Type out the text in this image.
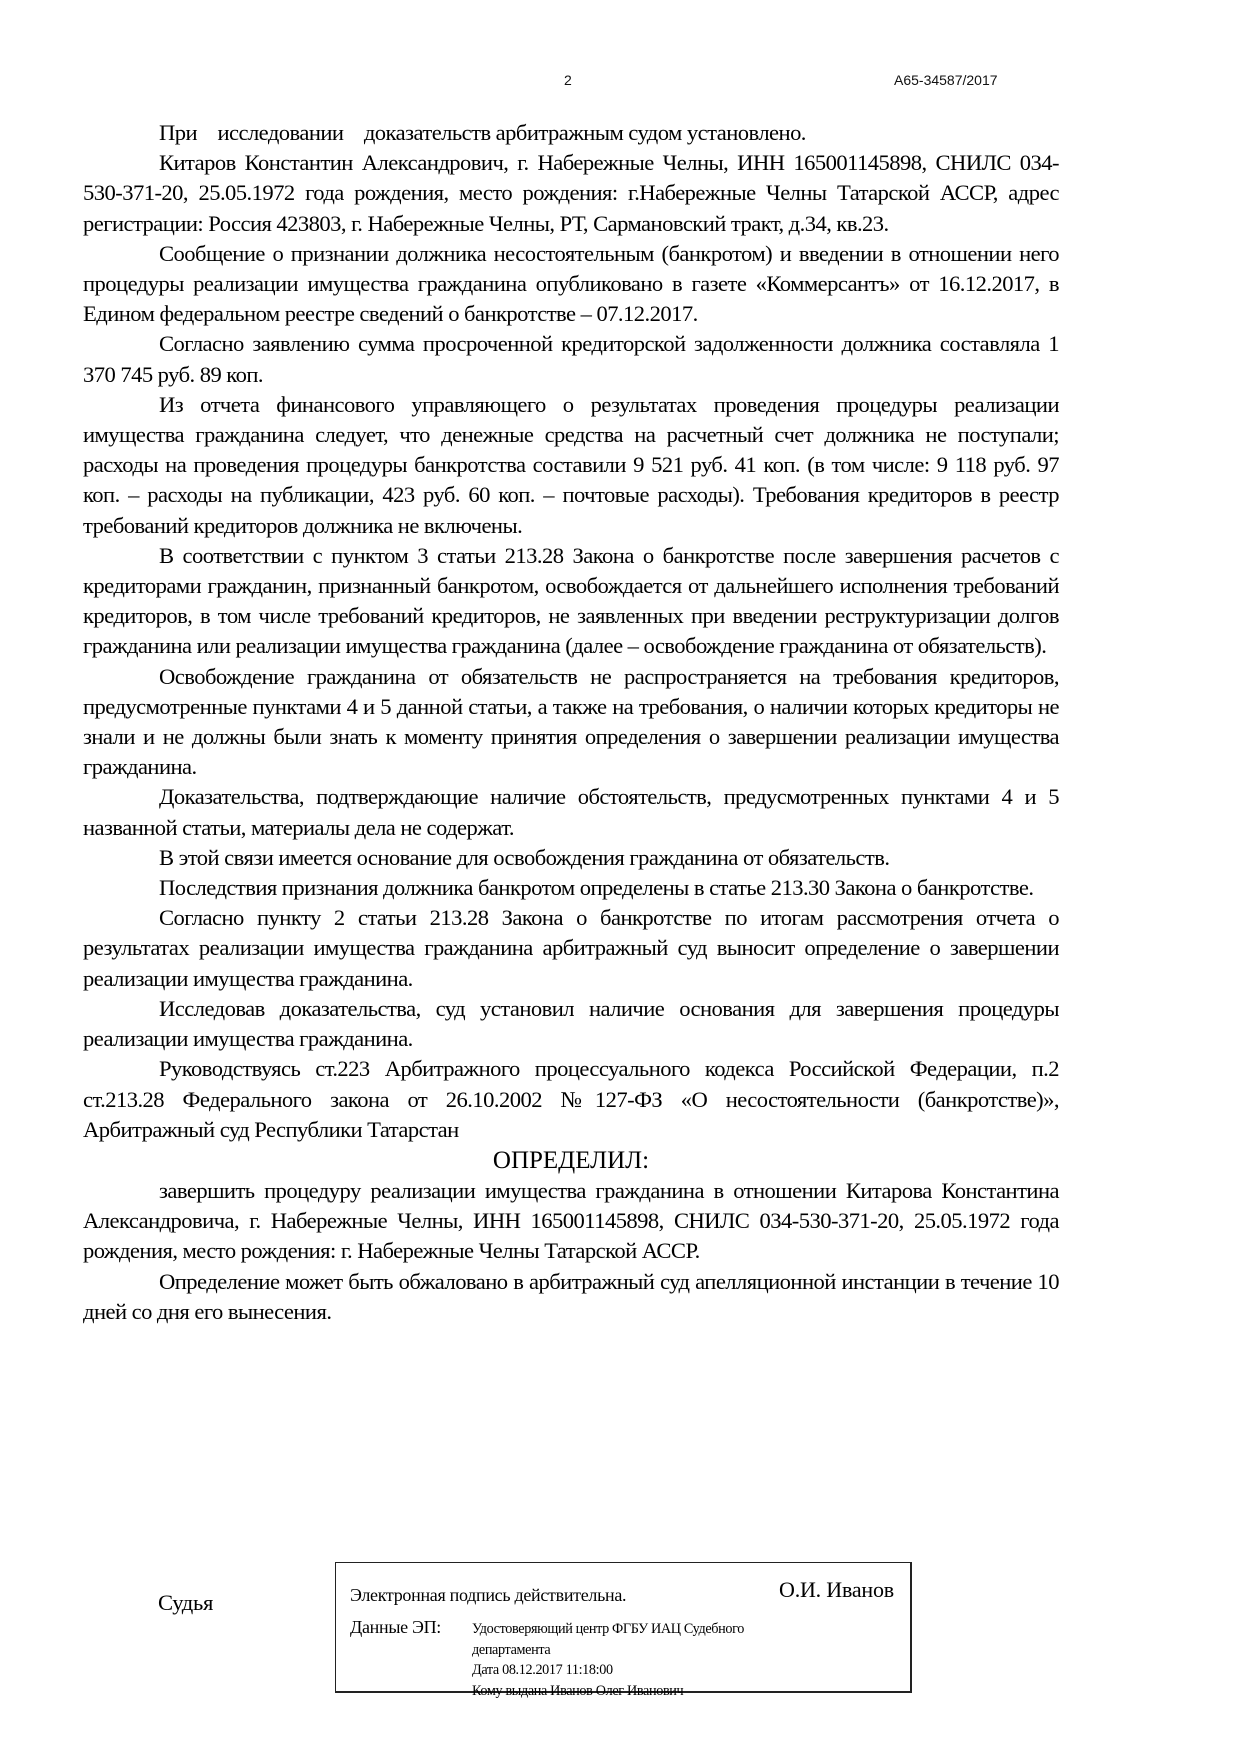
2	А65-34587/2017

При    исследовании    доказательств арбитражным судом установлено.

Китаров Константин Александрович, г. Набережные Челны, ИНН 165001145898, СНИЛС 034-530-371-20, 25.05.1972 года рождения, место рождения: г.Набережные Челны Татарской АССР, адрес регистрации: Россия 423803, г. Набережные Челны, РТ, Сармановский тракт, д.34, кв.23.

Сообщение о признании должника несостоятельным (банкротом) и введении в отношении него процедуры реализации имущества гражданина опубликовано в газете «Коммерсантъ» от 16.12.2017, в Едином федеральном реестре сведений о банкротстве – 07.12.2017.

Согласно заявлению сумма просроченной кредиторской задолженности должника составляла 1 370 745 руб. 89 коп.

Из отчета финансового управляющего о результатах проведения процедуры реализации имущества гражданина следует, что денежные средства на расчетный счет должника не поступали; расходы на проведения процедуры банкротства составили 9 521 руб. 41 коп. (в том числе: 9 118 руб. 97 коп. – расходы на публикации, 423 руб. 60 коп. – почтовые расходы). Требования кредиторов в реестр требований кредиторов должника не включены.

В соответствии с пунктом 3 статьи 213.28 Закона о банкротстве после завершения расчетов с кредиторами гражданин, признанный банкротом, освобождается от дальнейшего исполнения требований кредиторов, в том числе требований кредиторов, не заявленных при введении реструктуризации долгов гражданина или реализации имущества гражданина (далее – освобождение гражданина от обязательств).

Освобождение гражданина от обязательств не распространяется на требования кредиторов, предусмотренные пунктами 4 и 5 данной статьи, а также на требования, о наличии которых кредиторы не знали и не должны были знать к моменту принятия определения о завершении реализации имущества гражданина.

Доказательства, подтверждающие наличие обстоятельств, предусмотренных пунктами 4 и 5 названной статьи, материалы дела не содержат.

В этой связи имеется основание для освобождения гражданина от обязательств.

Последствия признания должника банкротом определены в статье 213.30 Закона о банкротстве.

Согласно пункту 2 статьи 213.28 Закона о банкротстве по итогам рассмотрения отчета о результатах реализации имущества гражданина арбитражный суд выносит определение о завершении реализации имущества гражданина.

Исследовав доказательства, суд установил наличие основания для завершения процедуры реализации имущества гражданина.

Руководствуясь ст.223 Арбитражного процессуального кодекса Российской Федерации, п.2 ст.213.28 Федерального закона от 26.10.2002 №127-ФЗ «О несостоятельности (банкротстве)», Арбитражный суд Республики Татарстан

ОПРЕДЕЛИЛ:

завершить процедуру реализации имущества гражданина в отношении Китарова Константина Александровича, г. Набережные Челны, ИНН 165001145898, СНИЛС 034-530-371-20, 25.05.1972 года рождения, место рождения: г. Набережные Челны Татарской АССР.

Определение может быть обжаловано в арбитражный суд апелляционной инстанции в течение 10 дней со дня его вынесения.

Судья	Электронная подпись действительна.	О.И. Иванов
Данные ЭП: Удостоверяющий центр ФГБУ ИАЦ Судебного
департамента
Дата 08.12.2017 11:18:00
Кому выдана Иванов Олег Иванович
